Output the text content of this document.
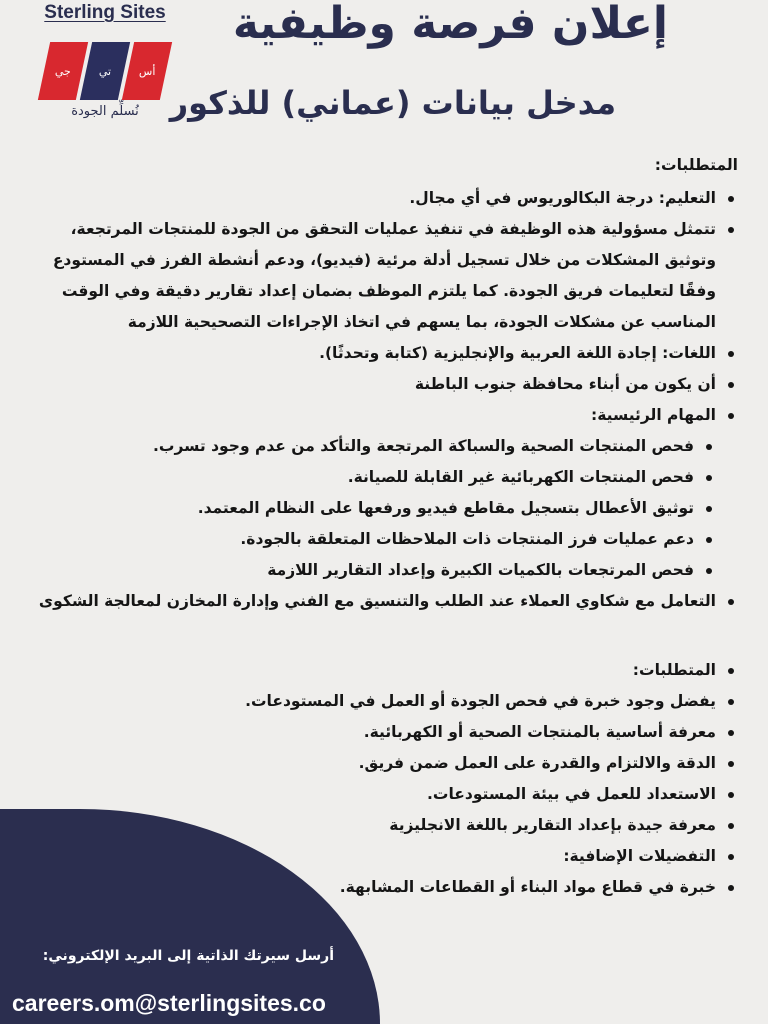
Sterling Sites
جي	تي	أس
نُسلِّم الجودة
إعلان فرصة وظيفية
مدخل بيانات (عماني) للذكور
المتطلبات:
التعليم: درجة البكالوريوس في أي مجال.
تتمثل مسؤولية هذه الوظيفة في تنفيذ عمليات التحقق من الجودة للمنتجات المرتجعة، وتوثيق المشكلات من خلال تسجيل أدلة مرئية (فيديو)، ودعم أنشطة الفرز في المستودع وفقًا لتعليمات فريق الجودة. كما يلتزم الموظف بضمان إعداد تقارير دقيقة وفي الوقت المناسب عن مشكلات الجودة، بما يسهم في اتخاذ الإجراءات التصحيحية اللازمة
اللغات: إجادة اللغة العربية والإنجليزية (كتابة وتحدثًا).
أن يكون من أبناء محافظة جنوب الباطنة
المهام الرئيسية:
فحص المنتجات الصحية والسباكة المرتجعة والتأكد من عدم وجود تسرب.
فحص المنتجات الكهربائية غير القابلة للصيانة.
توثيق الأعطال بتسجيل مقاطع فيديو ورفعها على النظام المعتمد.
دعم عمليات فرز المنتجات ذات الملاحظات المتعلقة بالجودة.
فحص المرتجعات بالكميات الكبيرة وإعداد التقارير اللازمة
التعامل مع شكاوي العملاء عند الطلب والتنسيق مع الفني وإدارة المخازن لمعالجة الشكوى
المتطلبات:
يفضل وجود خبرة في فحص الجودة أو العمل في المستودعات.
معرفة أساسية بالمنتجات الصحية أو الكهربائية.
الدقة والالتزام والقدرة على العمل ضمن فريق.
الاستعداد للعمل في بيئة المستودعات.
معرفة جيدة بإعداد التقارير باللغة الانجليزية
التفضيلات الإضافية:
خبرة في قطاع مواد البناء أو القطاعات المشابهة.

أرسل سيرتك الذاتية إلى البريد الإلكتروني:

careers.om@sterlingsites.co
